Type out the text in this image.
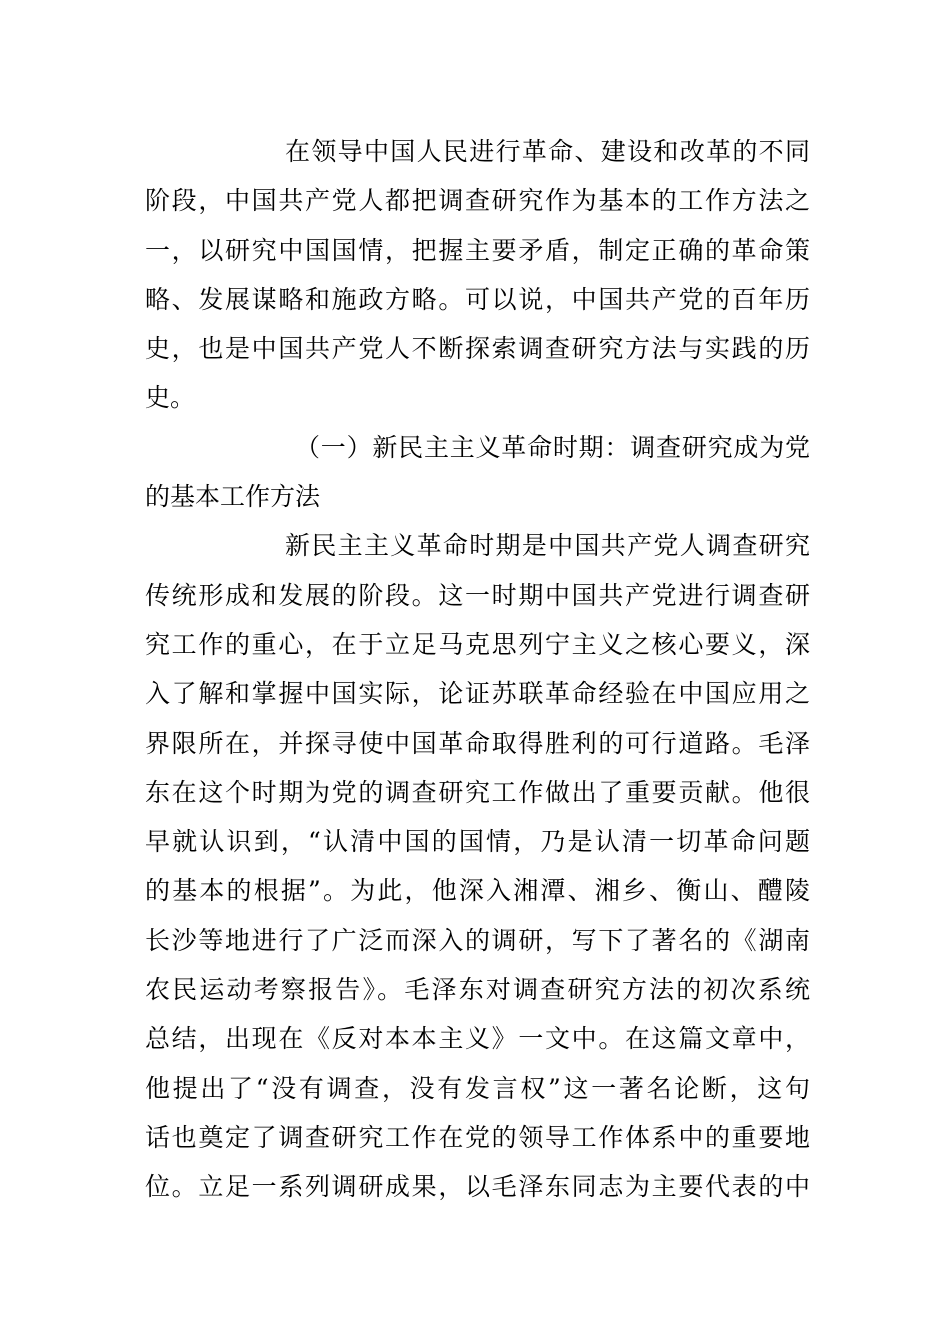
在领导中国人民进行革命、建设和改革的不同
阶段，中国共产党人都把调查研究作为基本的工作方法之
一，以研究中国国情，把握主要矛盾，制定正确的革命策
略、发展谋略和施政方略。可以说，中国共产党的百年历
史，也是中国共产党人不断探索调查研究方法与实践的历
史。
（一）新民主主义革命时期：调查研究成为党
的基本工作方法
新民主主义革命时期是中国共产党人调查研究
传统形成和发展的阶段。这一时期中国共产党进行调查研
究工作的重心，在于立足马克思列宁主义之核心要义，深
入了解和掌握中国实际，论证苏联革命经验在中国应用之
界限所在，并探寻使中国革命取得胜利的可行道路。毛泽
东在这个时期为党的调查研究工作做出了重要贡献。他很
早就认识到，“认清中国的国情，乃是认清一切革命问题
的基本的根据”。为此，他深入湘潭、湘乡、衡山、醴陵
长沙等地进行了广泛而深入的调研，写下了著名的《湖南
农民运动考察报告》。毛泽东对调查研究方法的初次系统
总结，出现在《反对本本主义》一文中。在这篇文章中，
他提出了“没有调查，没有发言权”这一著名论断，这句
话也奠定了调查研究工作在党的领导工作体系中的重要地
位。立足一系列调研成果，以毛泽东同志为主要代表的中
